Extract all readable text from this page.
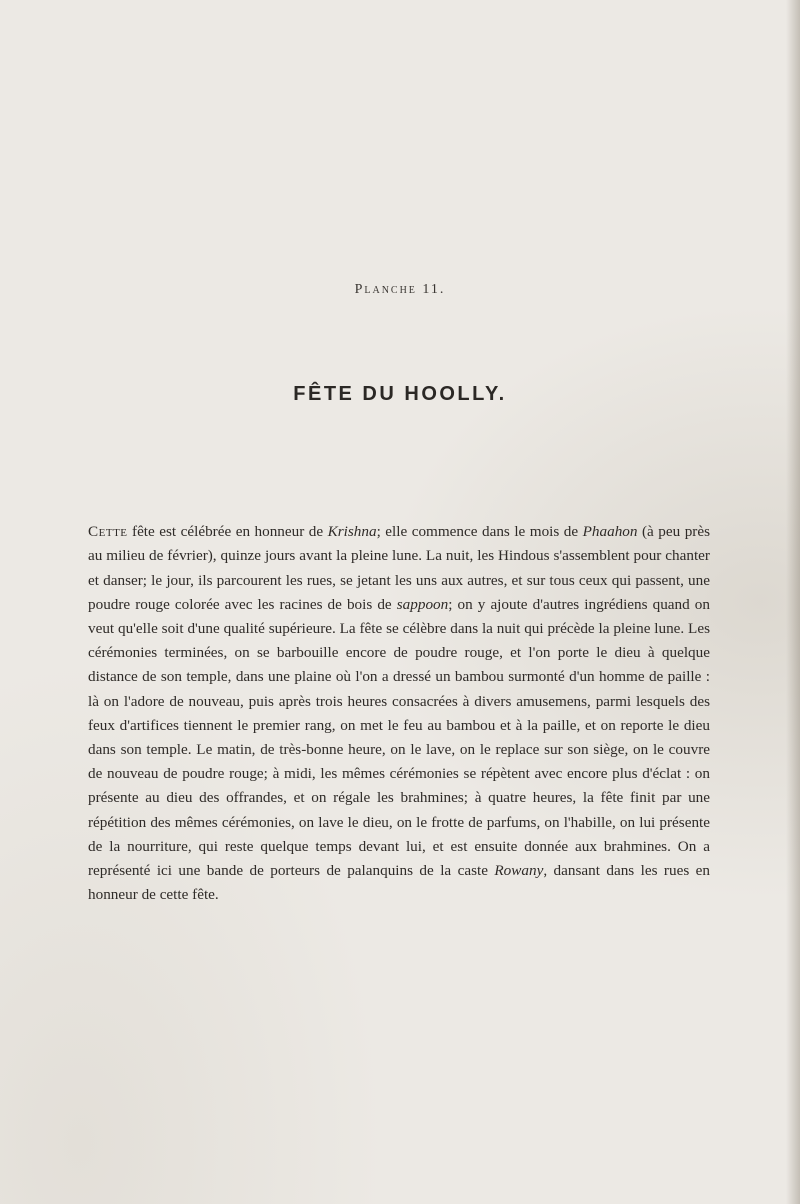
Planche 11.
FÊTE DU HOOLLY.

Cette fête est célébrée en honneur de Krishna; elle commence dans le mois de Phaahon (à peu près au milieu de février), quinze jours avant la pleine lune. La nuit, les Hindous s'assemblent pour chanter et danser; le jour, ils parcourent les rues, se jetant les uns aux autres, et sur tous ceux qui passent, une poudre rouge colorée avec les racines de bois de sappoon; on y ajoute d'autres ingrédiens quand on veut qu'elle soit d'une qualité supérieure. La fête se célèbre dans la nuit qui précède la pleine lune. Les cérémonies terminées, on se barbouille encore de poudre rouge, et l'on porte le dieu à quelque distance de son temple, dans une plaine où l'on a dressé un bambou surmonté d'un homme de paille : là on l'adore de nouveau, puis après trois heures consacrées à divers amusemens, parmi lesquels des feux d'artifices tiennent le premier rang, on met le feu au bambou et à la paille, et on reporte le dieu dans son temple. Le matin, de très-bonne heure, on le lave, on le replace sur son siège, on le couvre de nouveau de poudre rouge; à midi, les mêmes cérémonies se répètent avec encore plus d'éclat : on présente au dieu des offrandes, et on régale les brahmines; à quatre heures, la fête finit par une répétition des mêmes cérémonies, on lave le dieu, on le frotte de parfums, on l'habille, on lui présente de la nourriture, qui reste quelque temps devant lui, et est ensuite donnée aux brahmines. On a représenté ici une bande de porteurs de palanquins de la caste Rowany, dansant dans les rues en honneur de cette fête.
